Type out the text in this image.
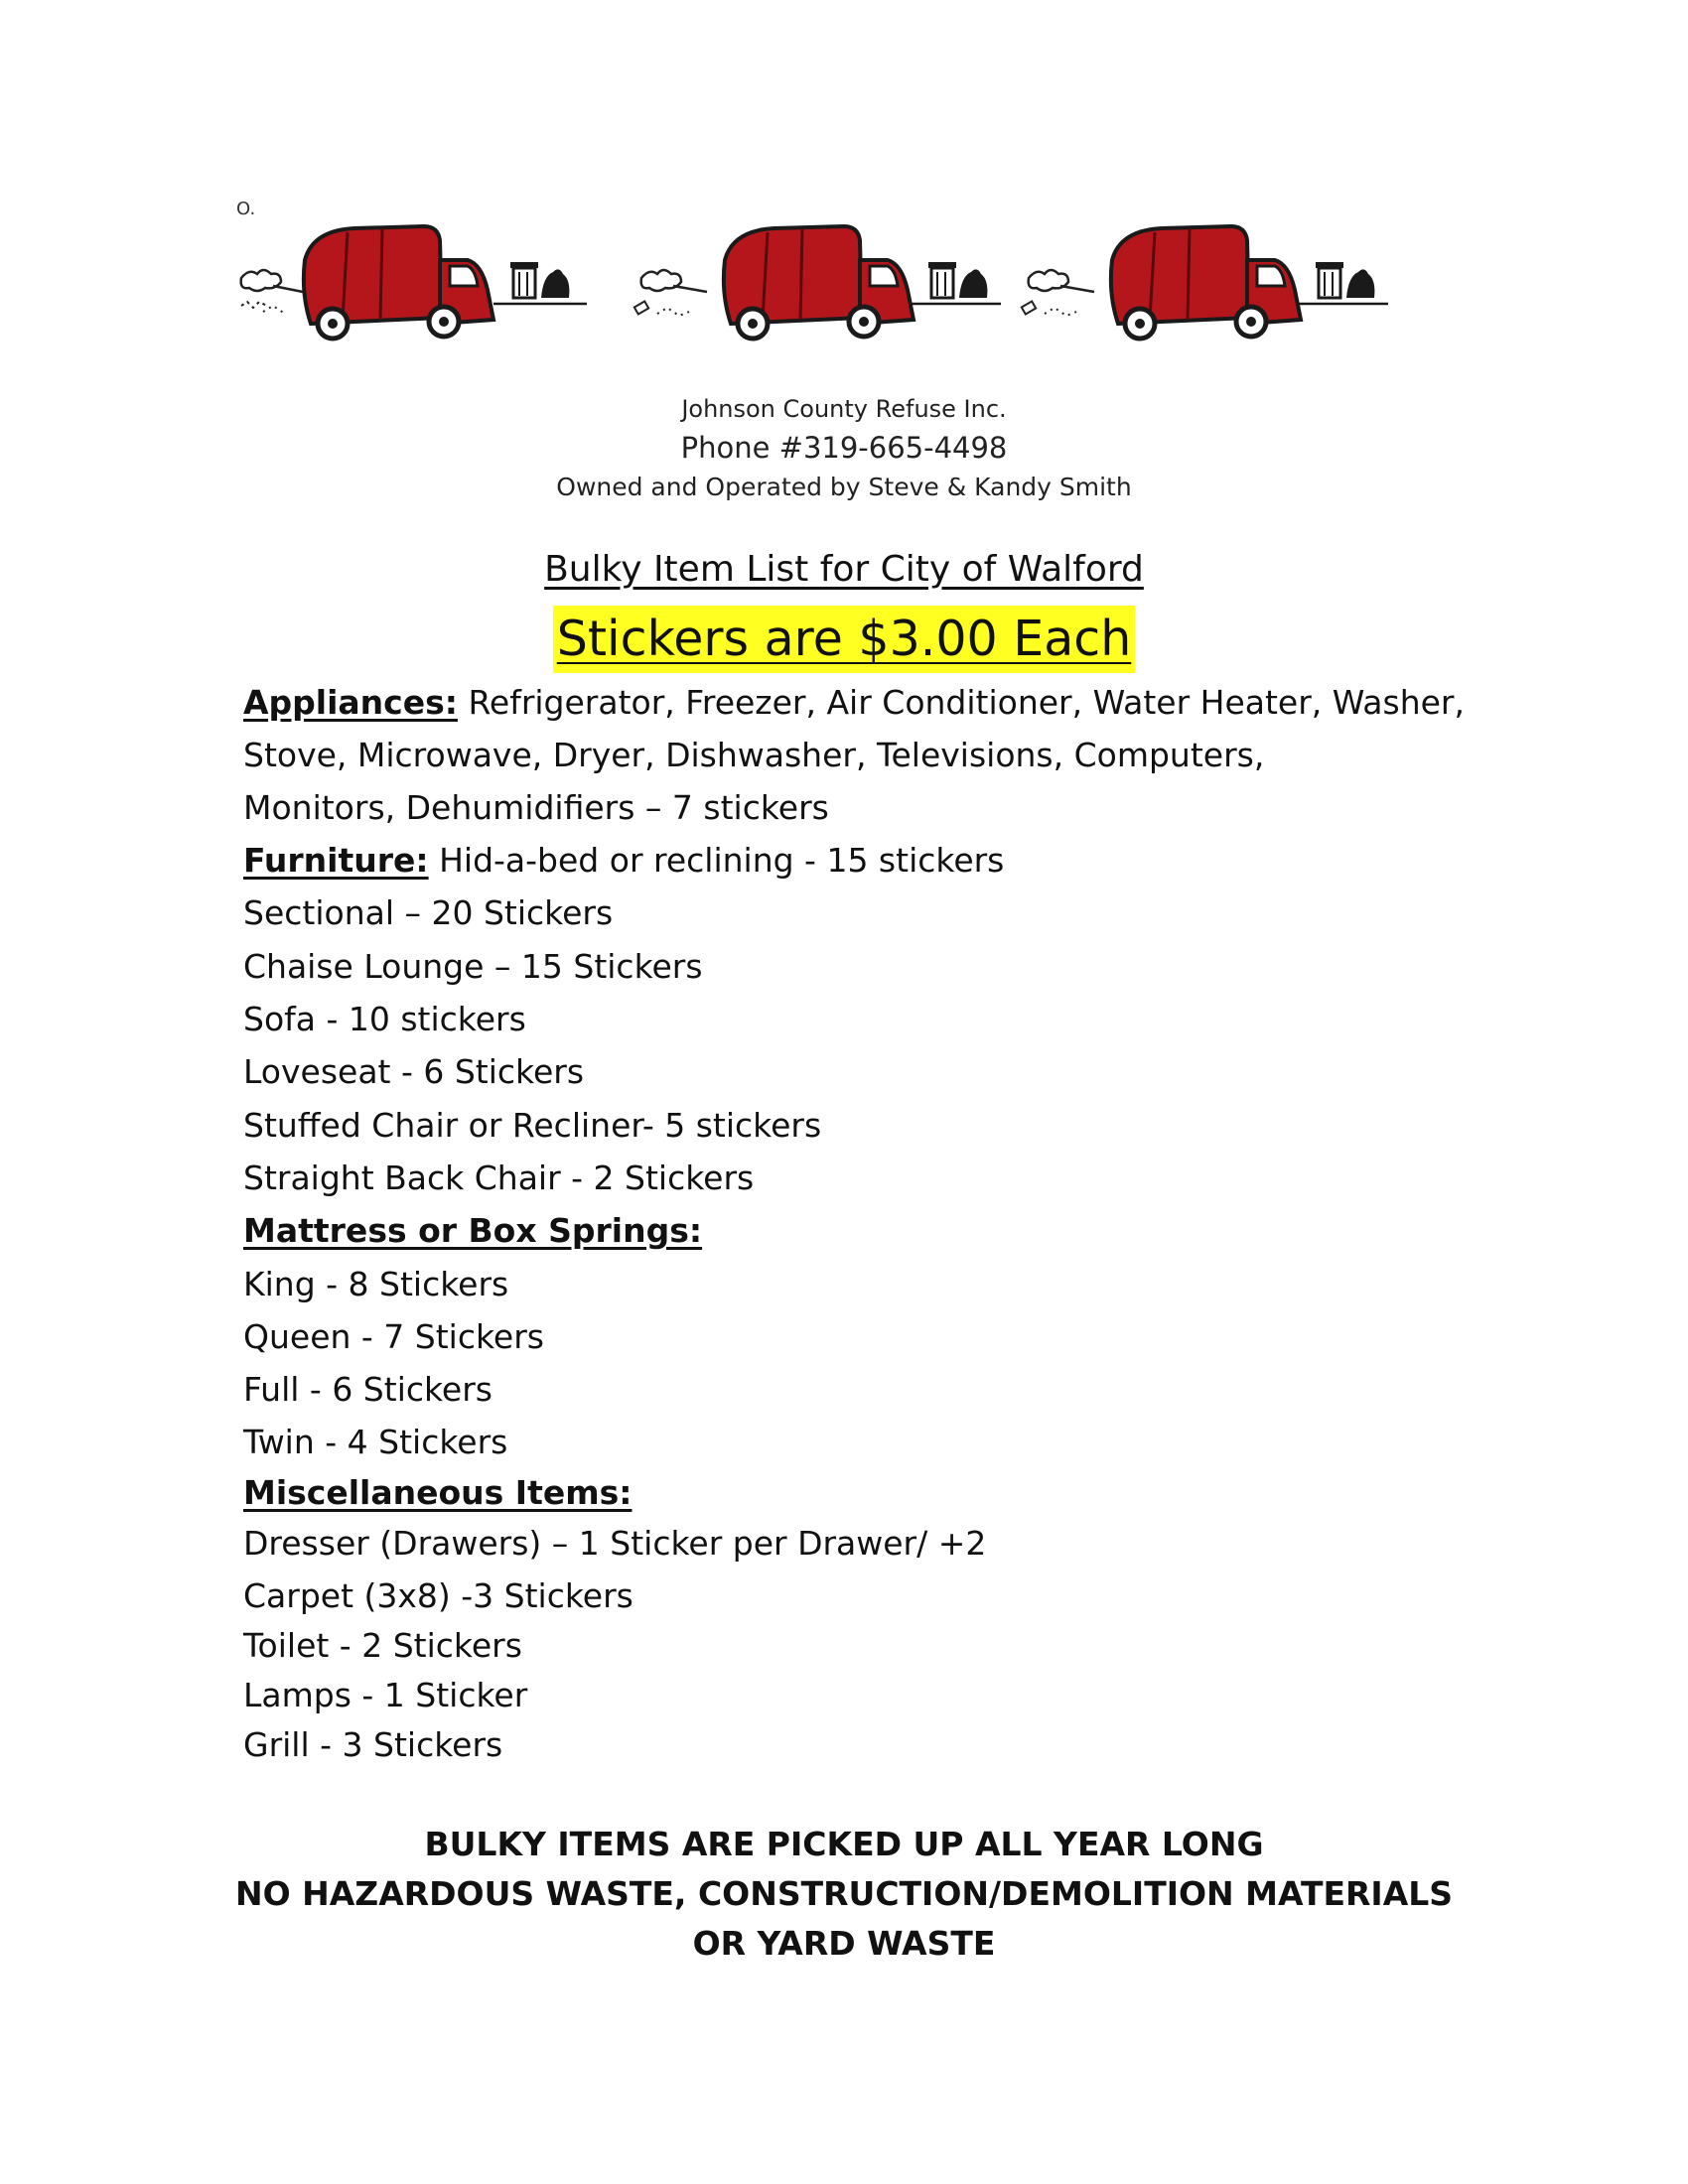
O.
Johnson County Refuse Inc.
Phone #319-665-4498
Owned and Operated by Steve & Kandy Smith
Bulky Item List for City of Walford
Stickers are $3.00 Each
Appliances: Refrigerator, Freezer, Air Conditioner, Water Heater, Washer,
Stove, Microwave, Dryer, Dishwasher, Televisions, Computers,
Monitors, Dehumidifiers – 7 stickers
Furniture: Hid-a-bed or reclining - 15 stickers
Sectional – 20 Stickers
Chaise Lounge – 15 Stickers
Sofa - 10 stickers
Loveseat - 6 Stickers
Stuffed Chair or Recliner- 5 stickers
Straight Back Chair - 2 Stickers
Mattress or Box Springs:
King - 8 Stickers
Queen - 7 Stickers
Full - 6 Stickers
Twin - 4 Stickers
Miscellaneous Items:
Dresser (Drawers) – 1 Sticker per Drawer/ +2
Carpet (3x8) -3 Stickers
Toilet - 2 Stickers
Lamps - 1 Sticker
Grill - 3 Stickers
BULKY ITEMS ARE PICKED UP ALL YEAR LONG
NO HAZARDOUS WASTE, CONSTRUCTION/DEMOLITION MATERIALS
OR YARD WASTE
